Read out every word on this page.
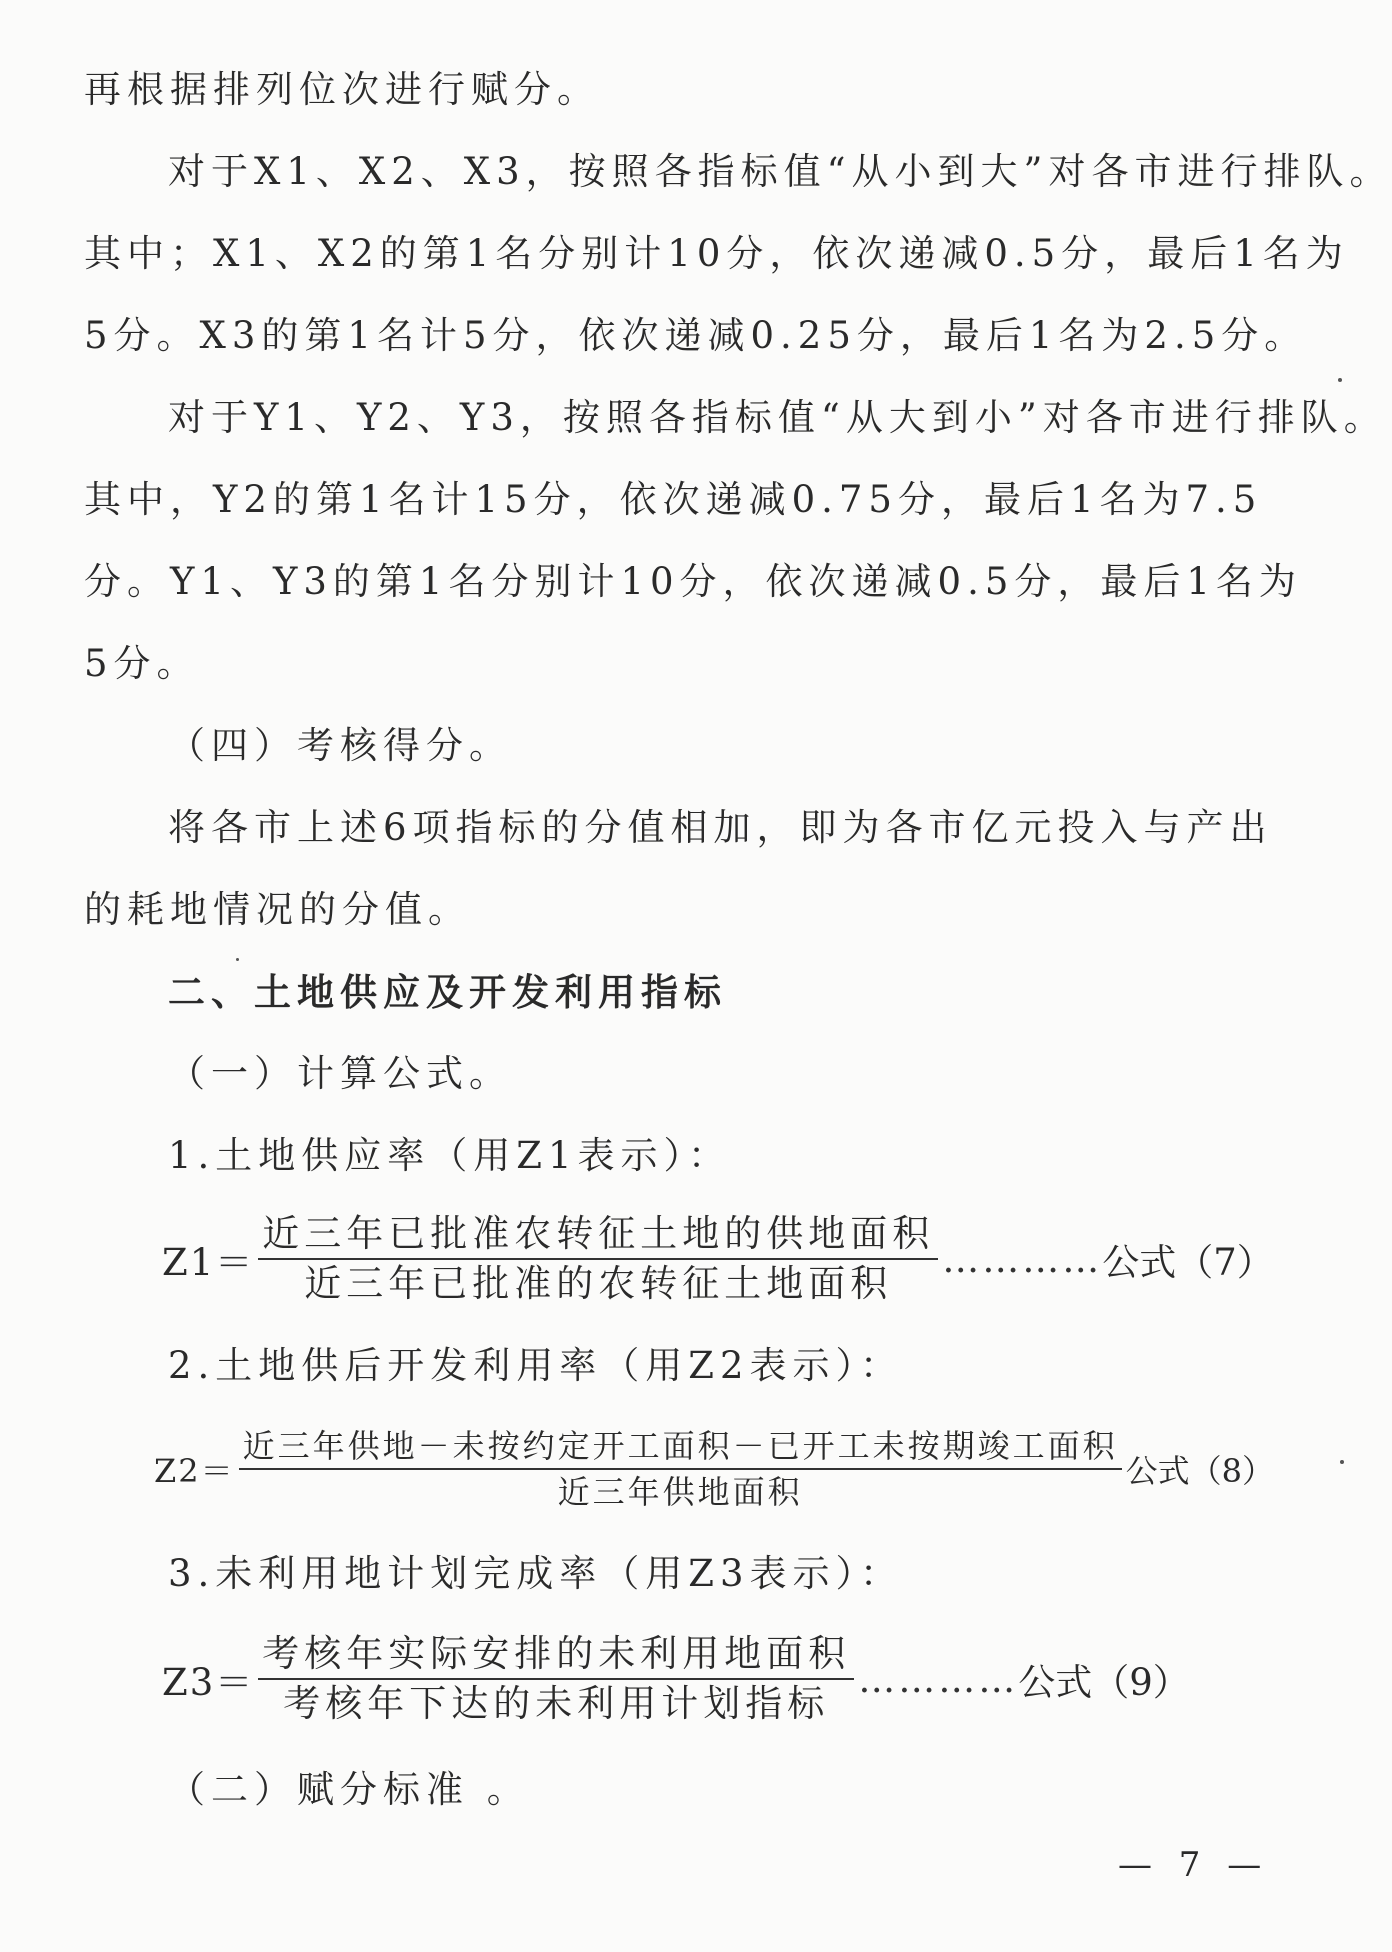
再根据排列位次进行赋分。
对于X1、X2、X3，按照各指标值“从小到大”对各市进行排队。
其中；X1、X2的第1名分别计10分，依次递减0.5分，最后1名为
5分。X3的第1名计5分，依次递减0.25分，最后1名为2.5分。
对于Y1、Y2、Y3，按照各指标值“从大到小”对各市进行排队。
其中，Y2的第1名计15分，依次递减0.75分，最后1名为7.5
分。Y1、Y3的第1名分别计10分，依次递减0.5分，最后1名为
5分。
（四）考核得分。
将各市上述6项指标的分值相加，即为各市亿元投入与产出
的耗地情况的分值。
二、土地供应及开发利用指标
（一）计算公式。
1.土地供应率（用Z1表示）：
$Z1= \frac{\text{近三年已批准农转征土地的供地面积}}{\text{近三年已批准的农转征土地面积}}$ ………… 公式（7）
2.土地供后开发利用率（用Z2表示）：
$Z2= \frac{\text{近三年供地－未按约定开工面积－已开工未按期竣工面积}}{\text{近三年供地面积}}$ 公式（8）
3.未利用地计划完成率（用Z3表示）：
$Z3= \frac{\text{考核年实际安排的未利用地面积}}{\text{考核年下达的未利用计划指标}}$ ………… 公式（9）
（二）赋分标准 。
— 7 —
